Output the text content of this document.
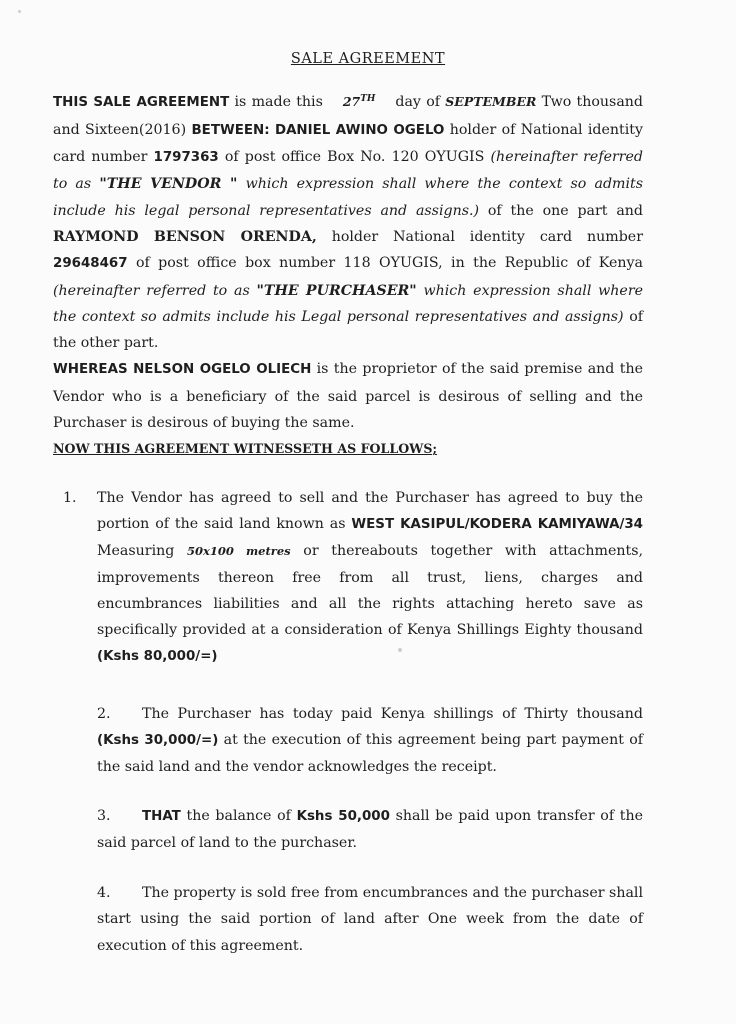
SALE AGREEMENT

THIS SALE AGREEMENT is made this 27TH day of SEPTEMBER Two thousand and Sixteen(2016) BETWEEN: DANIEL AWINO OGELO holder of National identity card number 1797363 of post office Box No. 120 OYUGIS (hereinafter referred to as "THE VENDOR " which expression shall where the context so admits include his legal personal representatives and assigns.) of the one part and RAYMOND BENSON ORENDA, holder National identity card number 29648467 of post office box number 118 OYUGIS, in the Republic of Kenya (hereinafter referred to as "THE PURCHASER" which expression shall where the context so admits include his Legal personal representatives and assigns) of the other part.

WHEREAS NELSON OGELO OLIECH is the proprietor of the said premise and the Vendor who is a beneficiary of the said parcel is desirous of selling and the Purchaser is desirous of buying the same.

NOW THIS AGREEMENT WITNESSETH AS FOLLOWS;

1. The Vendor has agreed to sell and the Purchaser has agreed to buy the portion of the said land known as WEST KASIPUL/KODERA KAMIYAWA/34 Measuring 50x100 metres or thereabouts together with attachments, improvements thereon free from all trust, liens, charges and encumbrances liabilities and all the rights attaching hereto save as specifically provided at a consideration of Kenya Shillings Eighty thousand (Kshs 80,000/=)
2. The Purchaser has today paid Kenya shillings of Thirty thousand (Kshs 30,000/=) at the execution of this agreement being part payment of the said land and the vendor acknowledges the receipt.
3. THAT the balance of Kshs 50,000 shall be paid upon transfer of the said parcel of land to the purchaser.
4. The property is sold free from encumbrances and the purchaser shall start using the said portion of land after One week from the date of execution of this agreement.
